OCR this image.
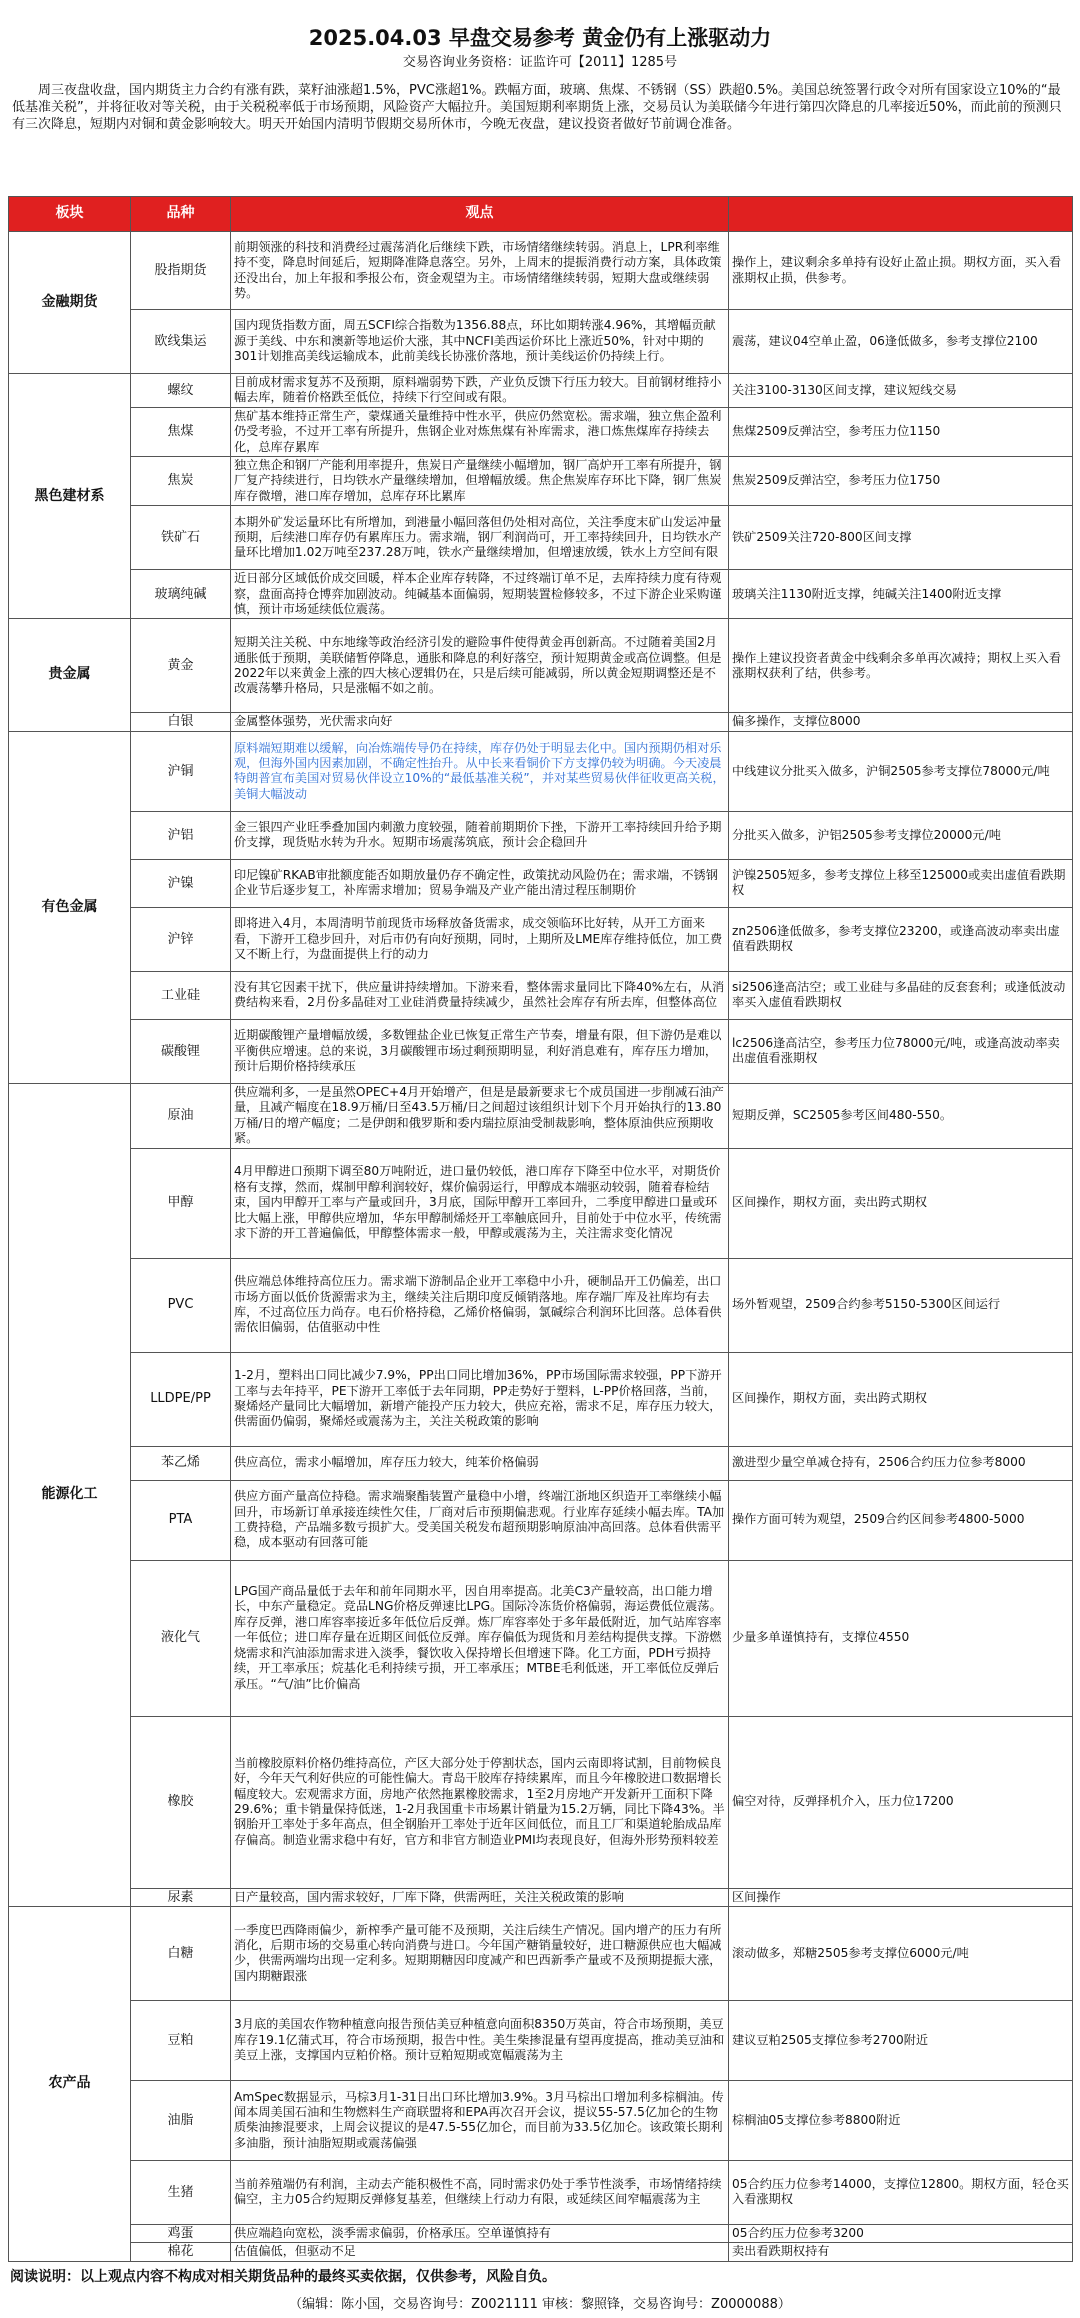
2025.04.03 早盘交易参考 黄金仍有上涨驱动力
交易咨询业务资格：证监许可【2011】1285号
周三夜盘收盘，国内期货主力合约有涨有跌，菜籽油涨超1.5%，PVC涨超1%。跌幅方面，玻璃、焦煤、不锈钢（SS）跌超0.5%。美国总统签署行政令对所有国家设立10%的“最低基准关税”，并将征收对等关税，由于关税税率低于市场预期，风险资产大幅拉升。美国短期利率期货上涨，交易员认为美联储今年进行第四次降息的几率接近50%，而此前的预测只有三次降息，短期内对铜和黄金影响较大。明天开始国内清明节假期交易所休市，今晚无夜盘，建议投资者做好节前调仓准备。
板块	品种	观点	
金融期货	股指期货	前期领涨的科技和消费经过震荡消化后继续下跌，市场情绪继续转弱。消息上，LPR利率维持不变，降息时间延后，短期降准降息落空。另外，上周末的提振消费行动方案，具体政策还没出台，加上年报和季报公布，资金观望为主。市场情绪继续转弱，短期大盘或继续弱势。	操作上，建议剩余多单持有设好止盈止损。期权方面，买入看涨期权止损，供参考。
	欧线集运	国内现货指数方面，周五SCFI综合指数为1356.88点，环比如期转涨4.96%，其增幅贡献源于美线、中东和澳新等地运价大涨，其中NCFI美西运价环比上涨近50%，针对中期的301计划推高美线运输成本，此前美线长协涨价落地，预计美线运价仍持续上行。	震荡，建议04空单止盈，06逢低做多，参考支撑位2100
黑色建材系	螺纹	目前成材需求复苏不及预期，原料端弱势下跌，产业负反馈下行压力较大。目前钢材维持小幅去库，随着价格跌至低位，持续下行空间或有限。	关注3100-3130区间支撑，建议短线交易
	焦煤	焦矿基本维持正常生产，蒙煤通关量维持中性水平，供应仍然宽松。需求端，独立焦企盈利仍受考验，不过开工率有所提升，焦钢企业对炼焦煤有补库需求，港口炼焦煤库存持续去化，总库存累库	焦煤2509反弹沽空，参考压力位1150
	焦炭	独立焦企和钢厂产能利用率提升，焦炭日产量继续小幅增加，钢厂高炉开工率有所提升，钢厂复产持续进行，日均铁水产量继续增加，但增幅放缓。焦企焦炭库存环比下降，钢厂焦炭库存微增，港口库存增加，总库存环比累库	焦炭2509反弹沽空，参考压力位1750
	铁矿石	本期外矿发运量环比有所增加，到港量小幅回落但仍处相对高位，关注季度末矿山发运冲量预期，后续港口库存仍有累库压力。需求端，钢厂利润尚可，开工率持续回升，日均铁水产量环比增加1.02万吨至237.28万吨，铁水产量继续增加，但增速放缓，铁水上方空间有限	铁矿2509关注720-800区间支撑
	玻璃纯碱	近日部分区域低价成交回暖，样本企业库存转降，不过终端订单不足，去库持续力度有待观察，盘面高持仓博弈加剧波动。纯碱基本面偏弱，短期装置检修较多，不过下游企业采购谨慎，预计市场延续低位震荡。	玻璃关注1130附近支撑，纯碱关注1400附近支撑
贵金属	黄金	短期关注关税、中东地缘等政治经济引发的避险事件使得黄金再创新高。不过随着美国2月通胀低于预期，美联储暂停降息，通胀和降息的利好落空，预计短期黄金或高位调整。但是2022年以来黄金上涨的四大核心逻辑仍在，只是后续可能减弱，所以黄金短期调整还是不改震荡攀升格局，只是涨幅不如之前。	操作上建议投资者黄金中线剩余多单再次减持；期权上买入看涨期权获利了结，供参考。
	白银	金属整体强势，光伏需求向好	偏多操作，支撑位8000
有色金属	沪铜	原料端短期难以缓解，向冶炼端传导仍在持续，库存仍处于明显去化中。国内预期仍相对乐观，但海外国内因素加剧，不确定性抬升。从中长来看铜价下方支撑仍较为明确。今天凌晨特朗普宣布美国对贸易伙伴设立10%的“最低基准关税”，并对某些贸易伙伴征收更高关税，美铜大幅波动	中线建议分批买入做多，沪铜2505参考支撑位78000元/吨
	沪铝	金三银四产业旺季叠加国内刺激力度较强，随着前期期价下挫，下游开工率持续回升给予期价支撑，现货贴水转为升水。短期市场震荡筑底，预计会企稳回升	分批买入做多，沪铝2505参考支撑位20000元/吨
	沪镍	印尼镍矿RKAB审批额度能否如期放量仍存不确定性，政策扰动风险仍在；需求端，不锈钢企业节后逐步复工，补库需求增加；贸易争端及产业产能出清过程压制期价	沪镍2505短多，参考支撑位上移至125000或卖出虚值看跌期权
	沪锌	即将进入4月，本周清明节前现货市场释放备货需求，成交领临环比好转，从开工方面来看，下游开工稳步回升，对后市仍有向好预期，同时，上期所及LME库存维持低位，加工费又不断上行，为盘面提供上行的动力	zn2506逢低做多，参考支撑位23200，或逢高波动率卖出虚值看跌期权
	工业硅	没有其它因素干扰下，供应量讲持续增加。下游来看，整体需求量同比下降40%左右，从消费结构来看，2月份多晶硅对工业硅消费量持续减少，虽然社会库存有所去库，但整体高位	si2506逢高沽空；或工业硅与多晶硅的反套套利；或逢低波动率买入虚值看跌期权
	碳酸锂	近期碳酸锂产量增幅放缓，多数锂盐企业已恢复正常生产节奏，增量有限，但下游仍是难以平衡供应增速。总的来说，3月碳酸锂市场过剩预期明显，利好消息难有，库存压力增加，预计后期价格持续承压	lc2506逢高沽空，参考压力位78000元/吨，或逢高波动率卖出虚值看涨期权
能源化工	原油	供应端利多，一是虽然OPEC+4月开始增产，但是是最新要求七个成员国进一步削减石油产量，且减产幅度在18.9万桶/日至43.5万桶/日之间超过该组织计划下个月开始执行的13.80万桶/日的增产幅度；二是伊朗和俄罗斯和委内瑞拉原油受制裁影响，整体原油供应预期收紧。	短期反弹，SC2505参考区间480-550。
	甲醇	4月甲醇进口预期下调至80万吨附近，进口量仍较低，港口库存下降至中位水平，对期货价格有支撑，然而，煤制甲醇利润较好，煤价偏弱运行，甲醇成本端驱动较弱，随着春检结束，国内甲醇开工率与产量或回升，3月底，国际甲醇开工率回升，二季度甲醇进口量或环比大幅上涨，甲醇供应增加，华东甲醇制烯烃开工率触底回升，目前处于中位水平，传统需求下游的开工普遍偏低，甲醇整体需求一般，甲醇或震荡为主，关注需求变化情况	区间操作，期权方面，卖出跨式期权
	PVC	供应端总体维持高位压力。需求端下游制品企业开工率稳中小升，硬制品开工仍偏差，出口市场方面以低价货源需求为主，继续关注后期印度反倾销落地。库存端厂库及社库均有去库，不过高位压力尚存。电石价格持稳，乙烯价格偏弱，氯碱综合利润环比回落。总体看供需依旧偏弱，估值驱动中性	场外暂观望，2509合约参考5150-5300区间运行
	LLDPE/PP	1-2月，塑料出口同比减少7.9%，PP出口同比增加36%，PP市场国际需求较强，PP下游开工率与去年持平，PE下游开工率低于去年同期，PP走势好于塑料，L-PP价格回落，当前，聚烯烃产量同比大幅增加，新增产能投产压力较大，供应充裕，需求不足，库存压力较大，供需面仍偏弱，聚烯烃或震荡为主，关注关税政策的影响	区间操作，期权方面，卖出跨式期权
	苯乙烯	供应高位，需求小幅增加，库存压力较大，纯苯价格偏弱	激进型少量空单减仓持有，2506合约压力位参考8000
	PTA	供应方面产量高位持稳。需求端聚酯装置产量稳中小增，终端江浙地区织造开工率继续小幅回升，市场新订单承接连续性欠佳，厂商对后市预期偏悲观。行业库存延续小幅去库。TA加工费持稳，产品端多数亏损扩大。受美国关税发布超预期影响原油冲高回落。总体看供需平稳，成本驱动有回落可能	操作方面可转为观望，2509合约区间参考4800-5000
	液化气	LPG国产商品量低于去年和前年同期水平，因自用率提高。北美C3产量较高，出口能力增长，中东产量稳定。竞品LNG价格反弹速比LPG。国际冷冻货价格偏弱，海运费低位震荡。库存反弹，港口库容率接近多年低位后反弹。炼厂库容率处于多年最低附近，加气站库容率一年低位；进口库存量在近期区间低位反弹。库存偏低为现货和月差结构提供支撑。下游燃烧需求和汽油添加需求进入淡季，餐饮收入保持增长但增速下降。化工方面，PDH亏损持续，开工率承压；烷基化毛利持续亏损，开工率承压；MTBE毛利低迷，开工率低位反弹后承压。“气/油”比价偏高	少量多单谨慎持有，支撑位4550
	橡胶	当前橡胶原料价格仍维持高位，产区大部分处于停割状态，国内云南即将试割，目前物候良好，今年天气利好供应的可能性偏大。青岛干胶库存持续累库，而且今年橡胶进口数据增长幅度较大。宏观需求方面，房地产依然拖累橡胶需求，1至2月房地产开发新开工面积下降29.6%；重卡销量保持低迷，1-2月我国重卡市场累计销量为15.2万辆，同比下降43%。半钢胎开工率处于多年高点，但全钢胎开工率处于近年区间低位，而且工厂和渠道轮胎成品库存偏高。制造业需求稳中有好，官方和非官方制造业PMI均表现良好，但海外形势预料较差	偏空对待，反弹择机介入，压力位17200
	尿素	日产量较高，国内需求较好，厂库下降，供需两旺，关注关税政策的影响	区间操作
农产品	白糖	一季度巴西降雨偏少，新榨季产量可能不及预期，关注后续生产情况。国内增产的压力有所消化，后期市场的交易重心转向消费与进口。今年国产糖销量较好，进口糖源供应也大幅减少，供需两端均出现一定利多。短期期糖因印度减产和巴西新季产量或不及预期提振大涨，国内期糖跟涨	滚动做多，郑糖2505参考支撑位6000元/吨
	豆粕	3月底的美国农作物种植意向报告预估美豆种植意向面积8350万英亩，符合市场预期，美豆库存19.1亿蒲式耳，符合市场预期，报告中性。美生柴掺混量有望再度提高，推动美豆油和美豆上涨，支撑国内豆粕价格。预计豆粕短期或宽幅震荡为主	建议豆粕2505支撑位参考2700附近
	油脂	AmSpec数据显示，马棕3月1-31日出口环比增加3.9%。3月马棕出口增加利多棕榈油。传闻本周美国石油和生物燃料生产商联盟将和EPA再次召开会议，提议55-57.5亿加仑的生物质柴油掺混要求，上周会议提议的是47.5-55亿加仑，而目前为33.5亿加仑。该政策长期利多油脂，预计油脂短期或震荡偏强	棕榈油05支撑位参考8800附近
	生猪	当前养殖端仍有利润，主动去产能积极性不高，同时需求仍处于季节性淡季，市场情绪持续偏空，主力05合约短期反弹修复基差，但继续上行动力有限，或延续区间窄幅震荡为主	05合约压力位参考14000，支撑位12800。期权方面，轻仓买入看涨期权
	鸡蛋	供应端趋向宽松，淡季需求偏弱，价格承压。空单谨慎持有	05合约压力位参考3200
	棉花	估值偏低，但驱动不足	卖出看跌期权持有
阅读说明：以上观点内容不构成对相关期货品种的最终买卖依据，仅供参考，风险自负。
（编辑：陈小国，交易咨询号：Z0021111 审核：黎照锋，交易咨询号：Z0000088）
